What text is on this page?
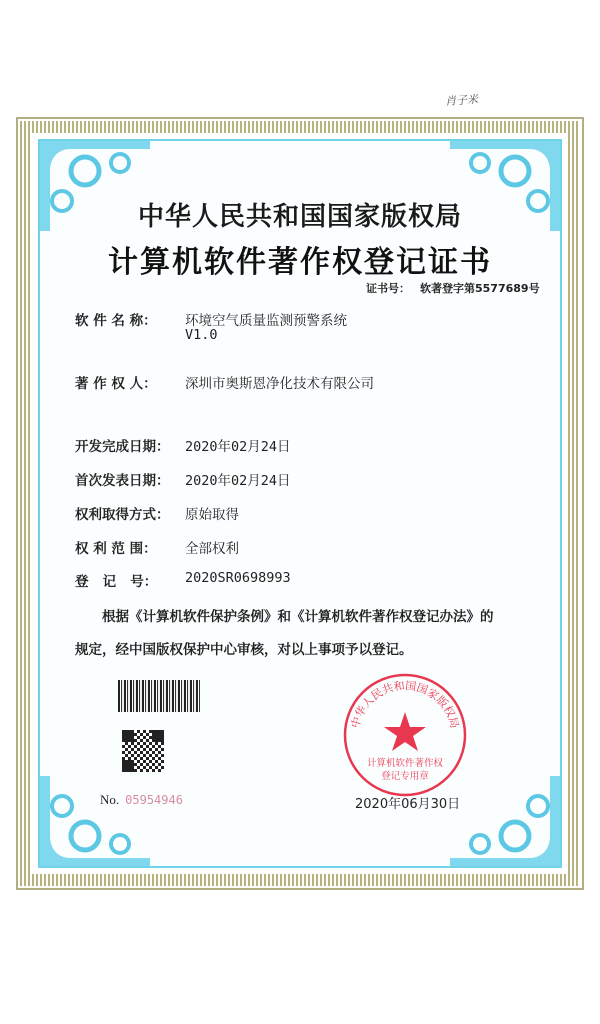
肖子米
中华人民共和国国家版权局
计算机软件著作权登记证书
证书号： 软著登字第5577689号
软 件 名 称： 环境空气质量监测预警系统
V1.0
著 作 权 人： 深圳市奥斯恩净化技术有限公司
开发完成日期： 2020年02月24日
首次发表日期： 2020年02月24日
权利取得方式： 原始取得
权 利 范 围： 全部权利
登   记   号： 2020SR0698993
根据《计算机软件保护条例》和《计算机软件著作权登记办法》的
规定，经中国版权保护中心审核，对以上事项予以登记。
No. 05954946
中华人民共和国国家版权局
计算机软件著作权
登记专用章
2020年06月30日
